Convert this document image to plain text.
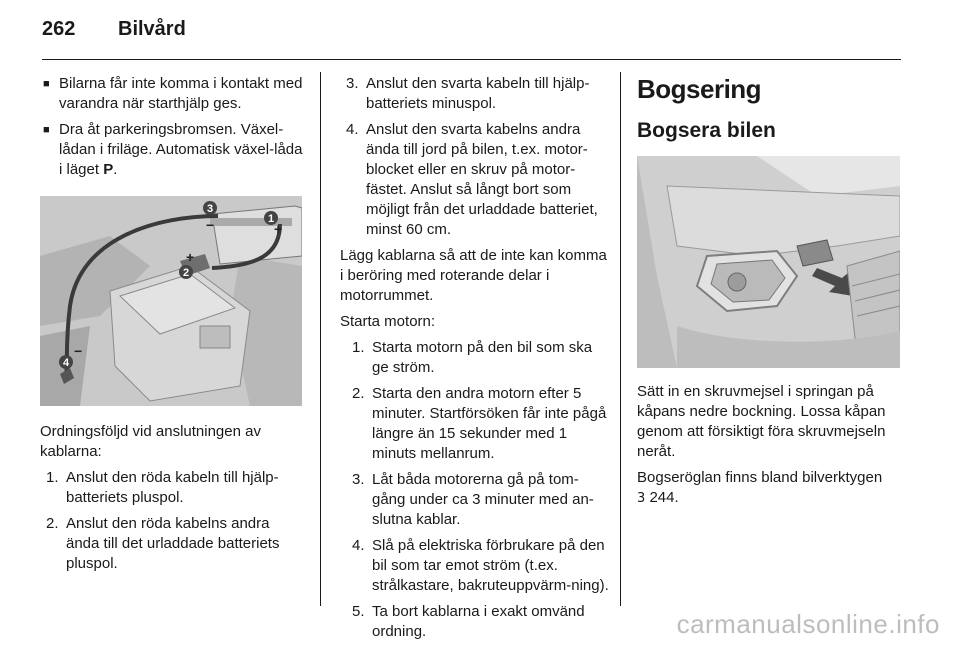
262	Bilvård
■ Bilarna får inte komma i kontakt med varandra när starthjälp ges.
■ Dra åt parkeringsbromsen. Växel-lådan i friläge. Automatisk växel-låda i läget P.
3
−	1
+
2
+
4
−

Ordningsföljd vid anslutningen av kablarna:

1. Anslut den röda kabeln till hjälp-batteriets pluspol.
2. Anslut den röda kabelns andra ända till det urladdade batteriets pluspol.
3. Anslut den svarta kabeln till hjälp-batteriets minuspol.
4. Anslut den svarta kabelns andra ända till jord på bilen, t.ex. motor-blocket eller en skruv på motor-fästet. Anslut så långt bort som möjligt från det urladdade batteriet, minst 60 cm.

Lägg kablarna så att de inte kan komma i beröring med roterande delar i motorrummet.

Starta motorn:

1. Starta motorn på den bil som ska ge ström.
2. Starta den andra motorn efter 5 minuter. Startförsöken får inte pågå längre än 15 sekunder med 1 minuts mellanrum.
3. Låt båda motorerna gå på tom-gång under ca 3 minuter med an-slutna kablar.
4. Slå på elektriska förbrukare på den bil som tar emot ström (t.ex. strålkastare, bakruteuppvärm-ning).
5. Ta bort kablarna i exakt omvänd ordning.
Bogsering
Bogsera bilen

Sätt in en skruvmejsel i springan på kåpans nedre bockning. Lossa kåpan genom att försiktigt föra skruvmejseln neråt.

Bogseröglan finns bland bilverktygen
3 244.

carmanualsonline.info
